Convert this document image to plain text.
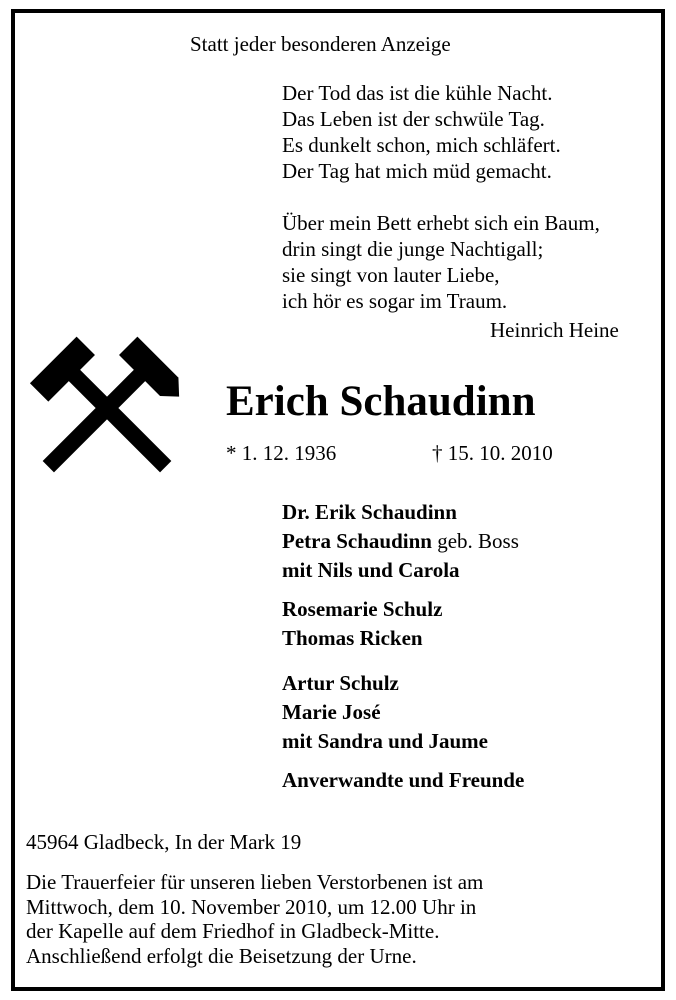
Statt jeder besonderen Anzeige
Der Tod das ist die kühle Nacht.
Das Leben ist der schwüle Tag.
Es dunkelt schon, mich schläfert.
Der Tag hat mich müd gemacht.
Über mein Bett erhebt sich ein Baum,
drin singt die junge Nachtigall;
sie singt von lauter Liebe,
ich hör es sogar im Traum.
Heinrich Heine
Erich Schaudinn
* 1. 12. 1936	† 15. 10. 2010
Dr. Erik Schaudinn
Petra Schaudinn geb. Boss
mit Nils und Carola
Rosemarie Schulz
Thomas Ricken
Artur Schulz
Marie José
mit Sandra und Jaume
Anverwandte und Freunde
45964 Gladbeck, In der Mark 19
Die Trauerfeier für unseren lieben Verstorbenen ist am
Mittwoch, dem 10. November 2010, um 12.00 Uhr in
der Kapelle auf dem Friedhof in Gladbeck-Mitte.
Anschließend erfolgt die Beisetzung der Urne.
